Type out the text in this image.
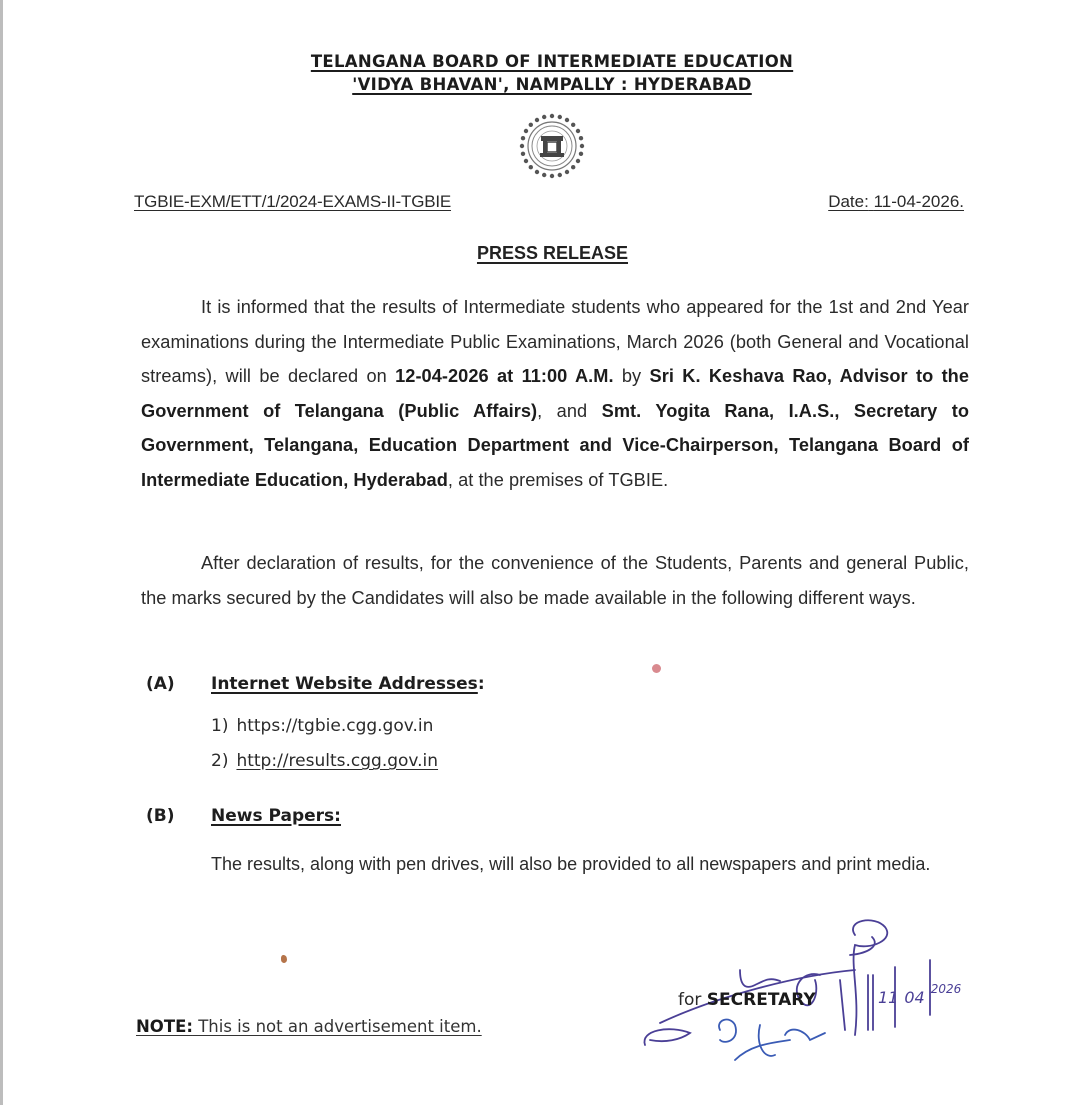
TELANGANA BOARD OF INTERMEDIATE EDUCATION
'VIDYA BHAVAN', NAMPALLY : HYDERABAD
TGBIE-EXM/ETT/1/2024-EXAMS-II-TGBIE	Date: 11-04-2026.
PRESS RELEASE
It is informed that the results of Intermediate students who appeared for the 1st and 2nd Year examinations during the Intermediate Public Examinations, March 2026 (both General and Vocational streams), will be declared on 12-04-2026 at 11:00 A.M. by Sri K. Keshava Rao, Advisor to the Government of Telangana (Public Affairs), and Smt. Yogita Rana, I.A.S., Secretary to Government, Telangana, Education Department and Vice-Chairperson, Telangana Board of Intermediate Education, Hyderabad, at the premises of TGBIE.
After declaration of results, for the convenience of the Students, Parents and general Public, the marks secured by the Candidates will also be made available in the following different ways.
(A) Internet Website Addresses:
1) https://tgbie.cgg.gov.in
2) http://results.cgg.gov.in
(B) News Papers:
The results, along with pen drives, will also be provided to all newspapers and print media.
11 04 $^{2026}$
for SECRETARY
NOTE: This is not an advertisement item.
